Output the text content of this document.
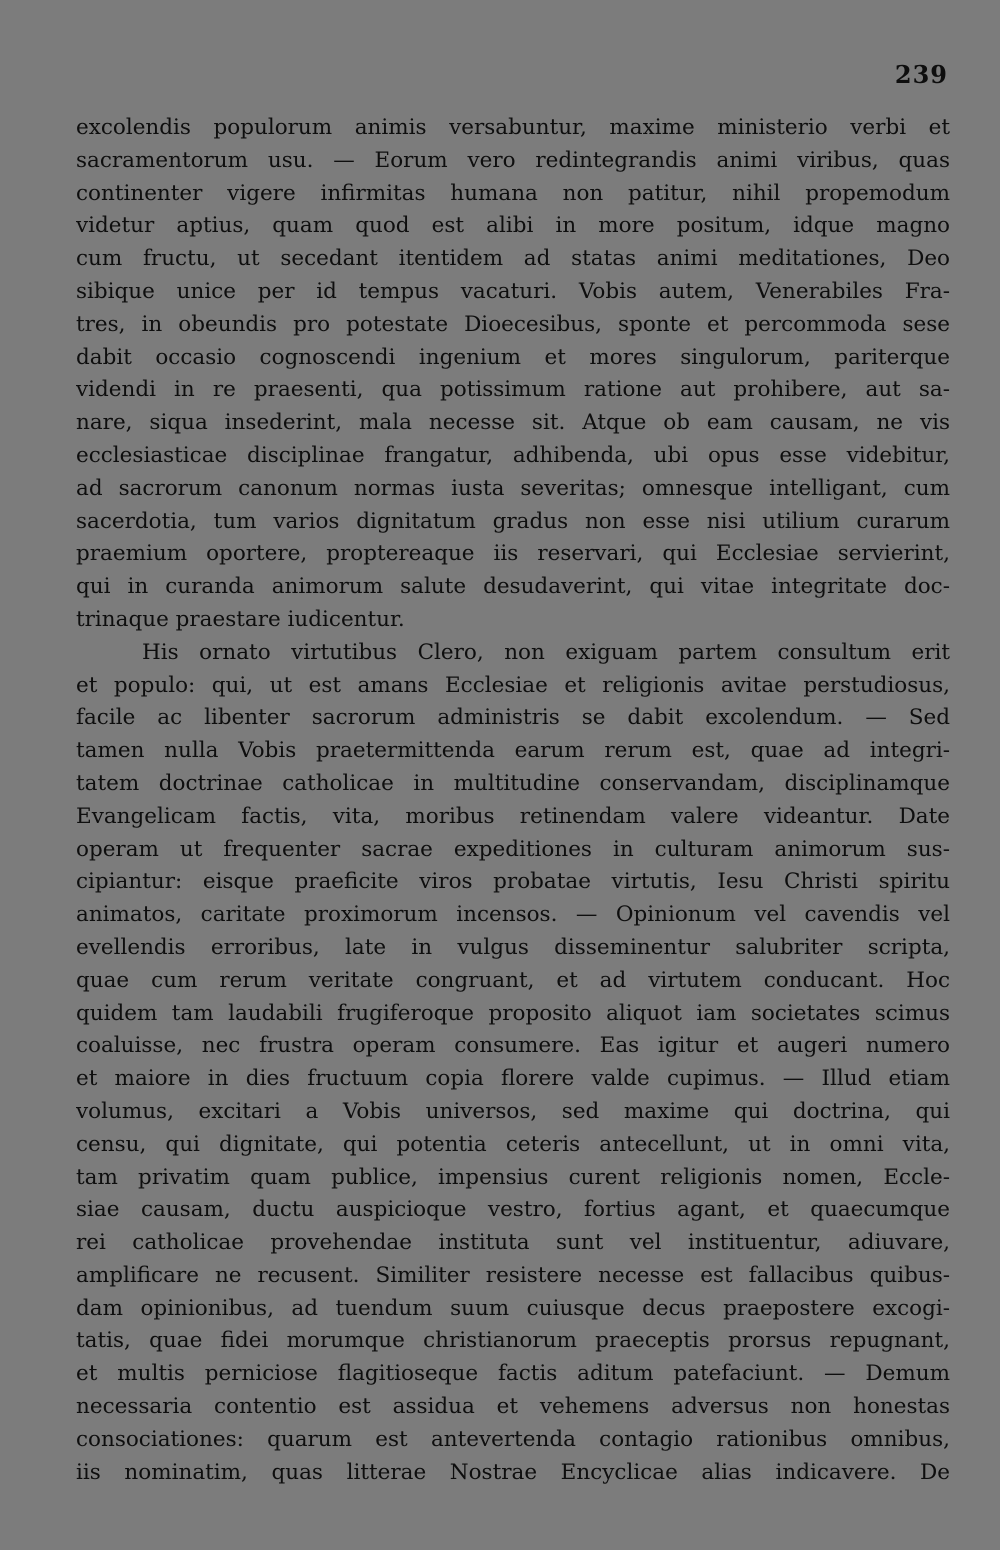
239
excolendis populorum animis versabuntur, maxime ministerio verbi et
sacramentorum usu. — Eorum vero redintegrandis animi viribus, quas
continenter vigere infirmitas humana non patitur, nihil propemodum
videtur aptius, quam quod est alibi in more positum, idque magno
cum fructu, ut secedant itentidem ad statas animi meditationes, Deo
sibique unice per id tempus vacaturi. Vobis autem, Venerabiles Fra-
tres, in obeundis pro potestate Dioecesibus, sponte et percommoda sese
dabit occasio cognoscendi ingenium et mores singulorum, pariterque
videndi in re praesenti, qua potissimum ratione aut prohibere, aut sa-
nare, siqua insederint, mala necesse sit. Atque ob eam causam, ne vis
ecclesiasticae disciplinae frangatur, adhibenda, ubi opus esse videbitur,
ad sacrorum canonum normas iusta severitas; omnesque intelligant, cum
sacerdotia, tum varios dignitatum gradus non esse nisi utilium curarum
praemium oportere, proptereaque iis reservari, qui Ecclesiae servierint,
qui in curanda animorum salute desudaverint, qui vitae integritate doc-
trinaque praestare iudicentur.
His ornato virtutibus Clero, non exiguam partem consultum erit
et populo: qui, ut est amans Ecclesiae et religionis avitae perstudiosus,
facile ac libenter sacrorum administris se dabit excolendum. — Sed
tamen nulla Vobis praetermittenda earum rerum est, quae ad integri-
tatem doctrinae catholicae in multitudine conservandam, disciplinamque
Evangelicam factis, vita, moribus retinendam valere videantur. Date
operam ut frequenter sacrae expeditiones in culturam animorum sus-
cipiantur: eisque praeficite viros probatae virtutis, Iesu Christi spiritu
animatos, caritate proximorum incensos. — Opinionum vel cavendis vel
evellendis erroribus, late in vulgus disseminentur salubriter scripta,
quae cum rerum veritate congruant, et ad virtutem conducant. Hoc
quidem tam laudabili frugiferoque proposito aliquot iam societates scimus
coaluisse, nec frustra operam consumere. Eas igitur et augeri numero
et maiore in dies fructuum copia florere valde cupimus. — Illud etiam
volumus, excitari a Vobis universos, sed maxime qui doctrina, qui
censu, qui dignitate, qui potentia ceteris antecellunt, ut in omni vita,
tam privatim quam publice, impensius curent religionis nomen, Eccle-
siae causam, ductu auspicioque vestro, fortius agant, et quaecumque
rei catholicae provehendae instituta sunt vel instituentur, adiuvare,
amplificare ne recusent. Similiter resistere necesse est fallacibus quibus-
dam opinionibus, ad tuendum suum cuiusque decus praepostere excogi-
tatis, quae fidei morumque christianorum praeceptis prorsus repugnant,
et multis perniciose flagitioseque factis aditum patefaciunt. — Demum
necessaria contentio est assidua et vehemens adversus non honestas
consociationes: quarum est antevertenda contagio rationibus omnibus,
iis nominatim, quas litterae Nostrae Encyclicae alias indicavere. De
